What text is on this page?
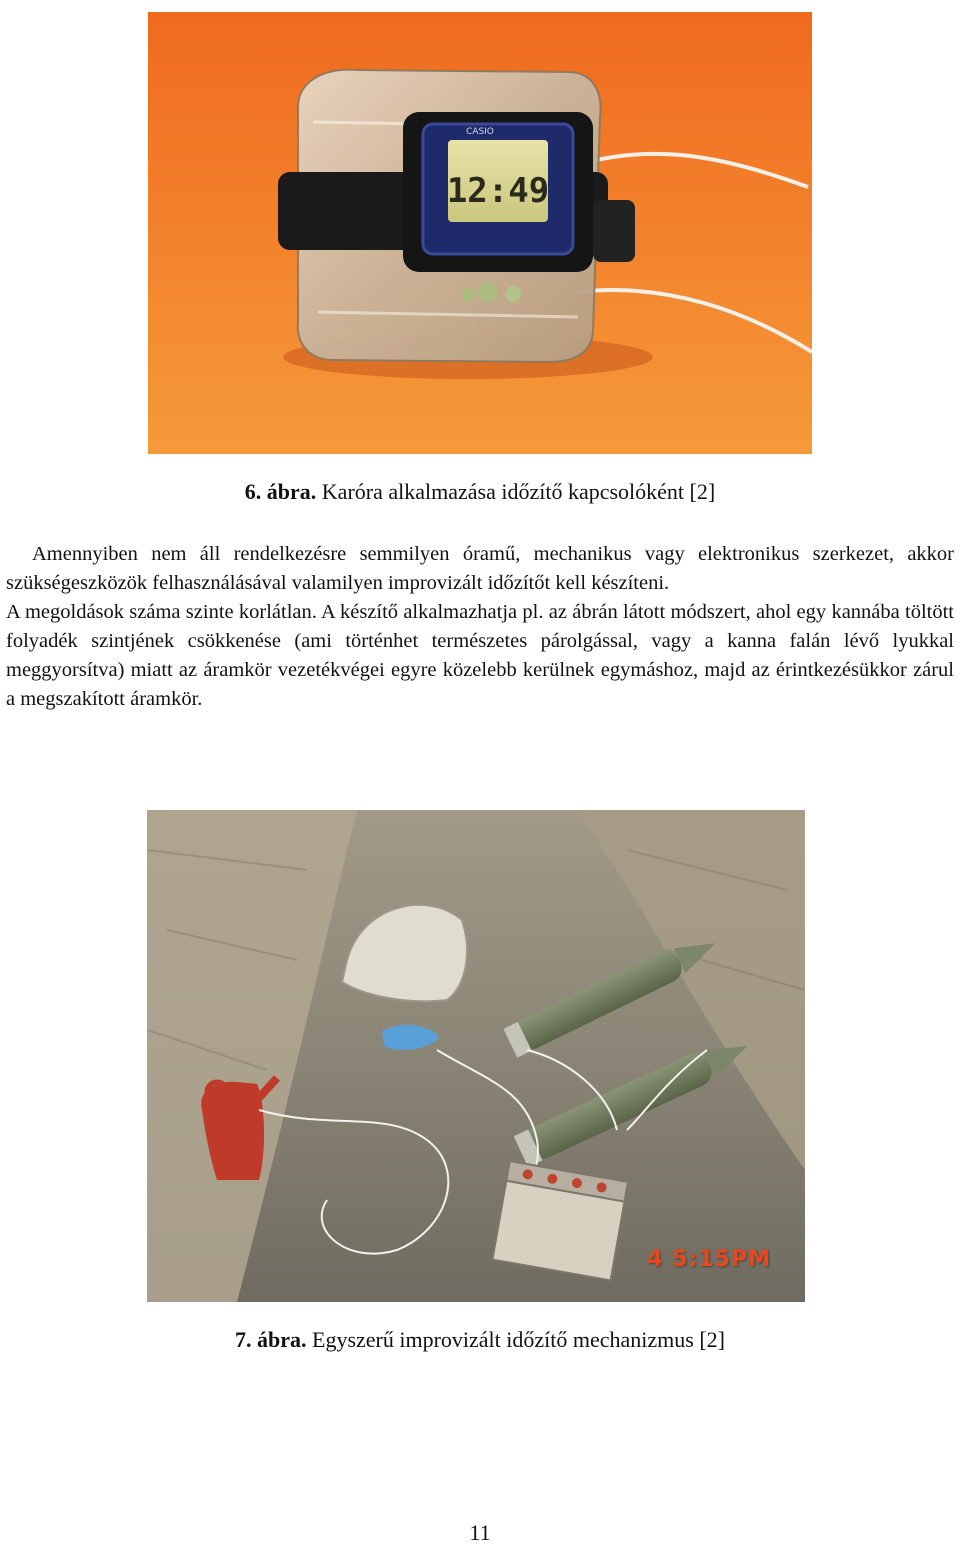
CASIO
12:49
6. ábra. Karóra alkalmazása időzítő kapcsolóként [2]

Amennyiben nem áll rendelkezésre semmilyen óramű, mechanikus vagy elektronikus szerkezet, akkor szükségeszközök felhasználásával valamilyen improvizált időzítőt kell készíteni.

A megoldások száma szinte korlátlan. A készítő alkalmazhatja pl. az ábrán látott módszert, ahol egy kannába töltött folyadék szintjének csökkenése (ami történhet természetes párolgással, vagy a kanna falán lévő lyukkal meggyorsítva) miatt az áramkör vezetékvégei egyre közelebb kerülnek egymáshoz, majd az érintkezésükkor zárul a megszakított áramkör.

4 5:15PM
7. ábra. Egyszerű improvizált időzítő mechanizmus [2]
11
